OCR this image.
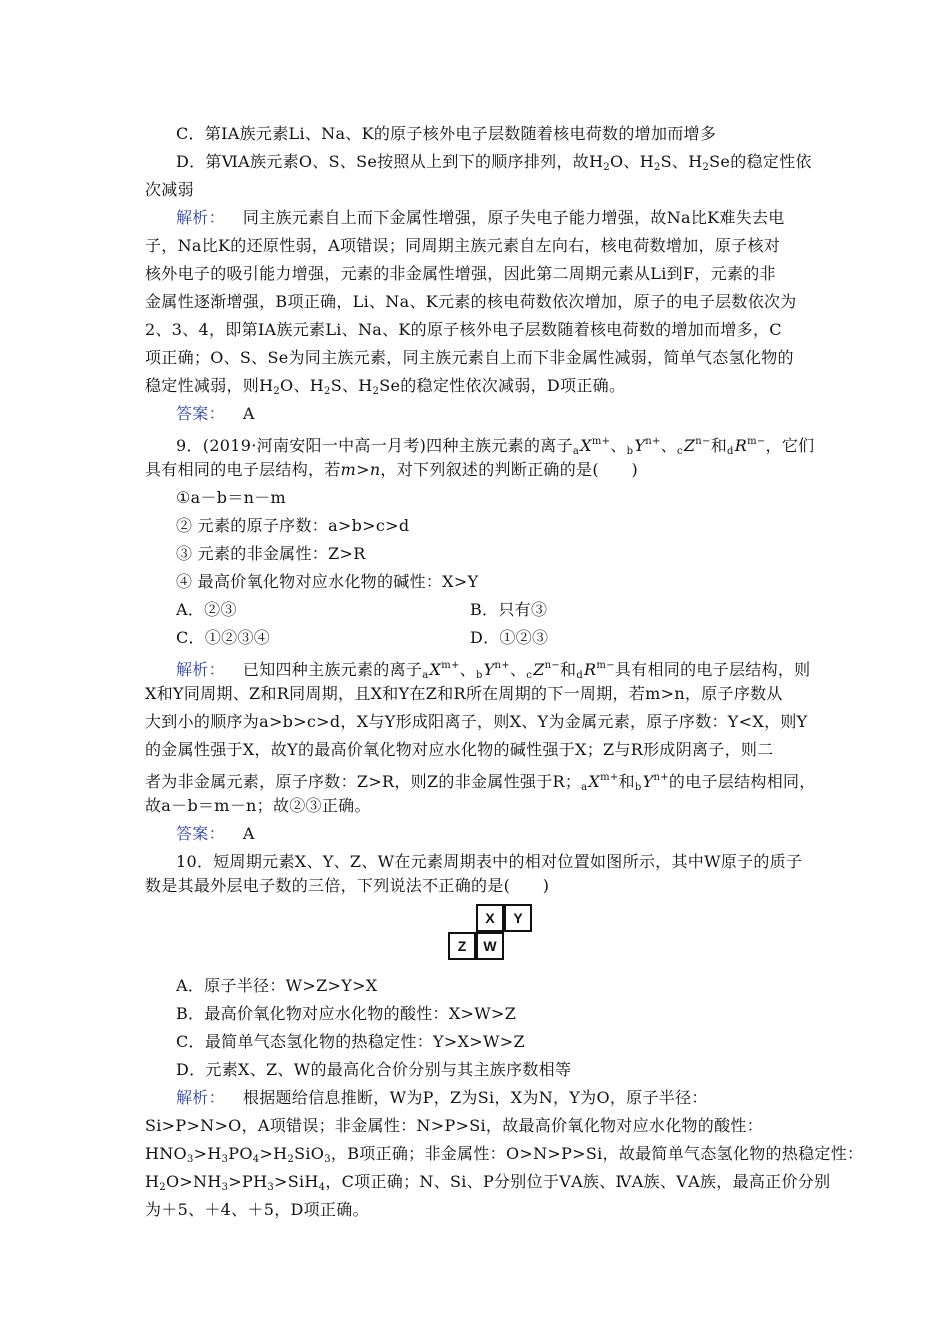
C．第ⅠA族元素Li、Na、K的原子核外电子层数随着核电荷数的增加而增多
D．第ⅥA族元素O、S、Se按照从上到下的顺序排列，故$H_2O$、$H_2S$、$H_2Se$的稳定性依
次减弱
解析： 同主族元素自上而下金属性增强，原子失电子能力增强，故Na比K难失去电
子，Na比K的还原性弱，A项错误；同周期主族元素自左向右，核电荷数增加，原子核对
核外电子的吸引能力增强，元素的非金属性增强，因此第二周期元素从Li到F，元素的非
金属性逐渐增强，B项正确，Li、Na、K元素的核电荷数依次增加，原子的电子层数依次为
2、3、4，即第ⅠA族元素Li、Na、K的原子核外电子层数随着核电荷数的增加而增多，C
项正确；O、S、Se为同主族元素，同主族元素自上而下非金属性减弱，简单气态氢化物的
稳定性减弱，则$H_2O$、$H_2S$、$H_2Se$的稳定性依次减弱，D项正确。
答案： A
9．(2019·河南安阳一中高一月考)四种主族元素的离子$aX^{m+}$、$bY^{n+}$、$cZ^{n-}$和$dR^{m-}$，它们
具有相同的电子层结构，若m>n，对下列叙述的判断正确的是(　　)
①a－b＝n－m
② 元素的原子序数：a>b>c>d
③ 元素的非金属性：Z>R
④ 最高价氧化物对应水化物的碱性：X>Y
A．②③	B．只有③
C．①②③④	D．①②③
解析： 已知四种主族元素的离子$aX^{m+}$、$bY^{n+}$、$cZ^{n-}$和$dR^{m-}$具有相同的电子层结构，则
X和Y同周期、Z和R同周期，且X和Y在Z和R所在周期的下一周期，若m>n，原子序数从
大到小的顺序为a>b>c>d，X与Y形成阳离子，则X、Y为金属元素，原子序数：Y<X，则Y
的金属性强于X，故Y的最高价氧化物对应水化物的碱性强于X；Z与R形成阴离子，则二
者为非金属元素，原子序数：Z>R，则Z的非金属性强于R；$aX^{m+}$和$bY^{n+}$的电子层结构相同，
故a－b＝m－n；故②③正确。
答案： A
10．短周期元素X、Y、Z、W在元素周期表中的相对位置如图所示，其中W原子的质子
数是其最外层电子数的三倍，下列说法不正确的是(　　)
X	Y
Z	W
A．原子半径：W>Z>Y>X
B．最高价氧化物对应水化物的酸性：X>W>Z
C．最简单气态氢化物的热稳定性：Y>X>W>Z
D．元素X、Z、W的最高化合价分别与其主族序数相等
解析： 根据题给信息推断，W为P，Z为Si，X为N，Y为O，原子半径：
Si>P>N>O，A项错误；非金属性：N>P>Si，故最高价氧化物对应水化物的酸性：
$HNO_3>H_3PO_4>H_2SiO_3$，B项正确；非金属性：O>N>P>Si，故最简单气态氢化物的热稳定性：
$H_2O>NH_3>PH_3>SiH_4$，C项正确；N、Si、P分别位于ⅤA族、ⅣA族、ⅤA族，最高正价分别
为＋5、＋4、＋5，D项正确。
